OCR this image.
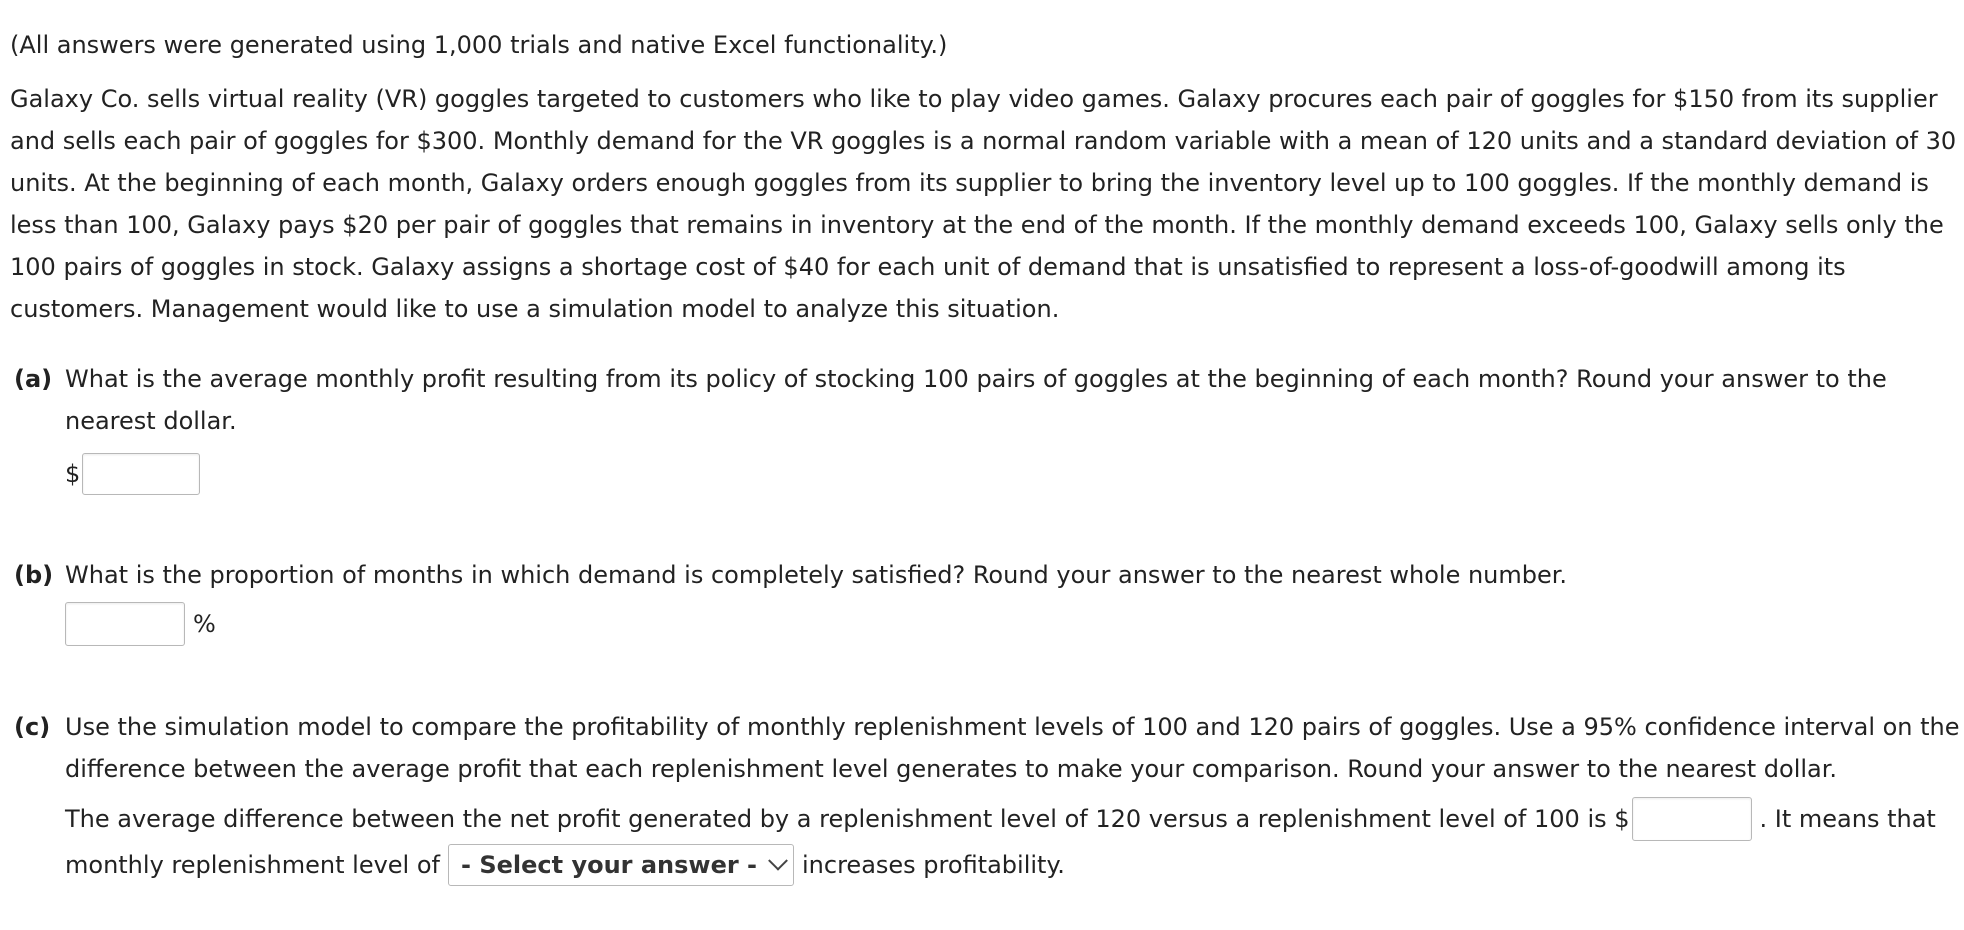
(All answers were generated using 1,000 trials and native Excel functionality.)

Galaxy Co. sells virtual reality (VR) goggles targeted to customers who like to play video games. Galaxy procures each pair of goggles for $150 from its supplier and sells each pair of goggles for $300. Monthly demand for the VR goggles is a normal random variable with a mean of 120 units and a standard deviation of 30 units. At the beginning of each month, Galaxy orders enough goggles from its supplier to bring the inventory level up to 100 goggles. If the monthly demand is less than 100, Galaxy pays $20 per pair of goggles that remains in inventory at the end of the month. If the monthly demand exceeds 100, Galaxy sells only the 100 pairs of goggles in stock. Galaxy assigns a shortage cost of $40 for each unit of demand that is unsatisfied to represent a loss-of-goodwill among its customers. Management would like to use a simulation model to analyze this situation.

(a) What is the average monthly profit resulting from its policy of stocking 100 pairs of goggles at the beginning of each month? Round your answer to the nearest dollar.
$
(b) What is the proportion of months in which demand is completely satisfied? Round your answer to the nearest whole number.
%
(c) Use the simulation model to compare the profitability of monthly replenishment levels of 100 and 120 pairs of goggles. Use a 95% confidence interval on the difference between the average profit that each replenishment level generates to make your comparison. Round your answer to the nearest dollar.
The average difference between the net profit generated by a replenishment level of 120 versus a replenishment level of 100 is $	. It means that
monthly replenishment level of - Select your answer - increases profitability.
